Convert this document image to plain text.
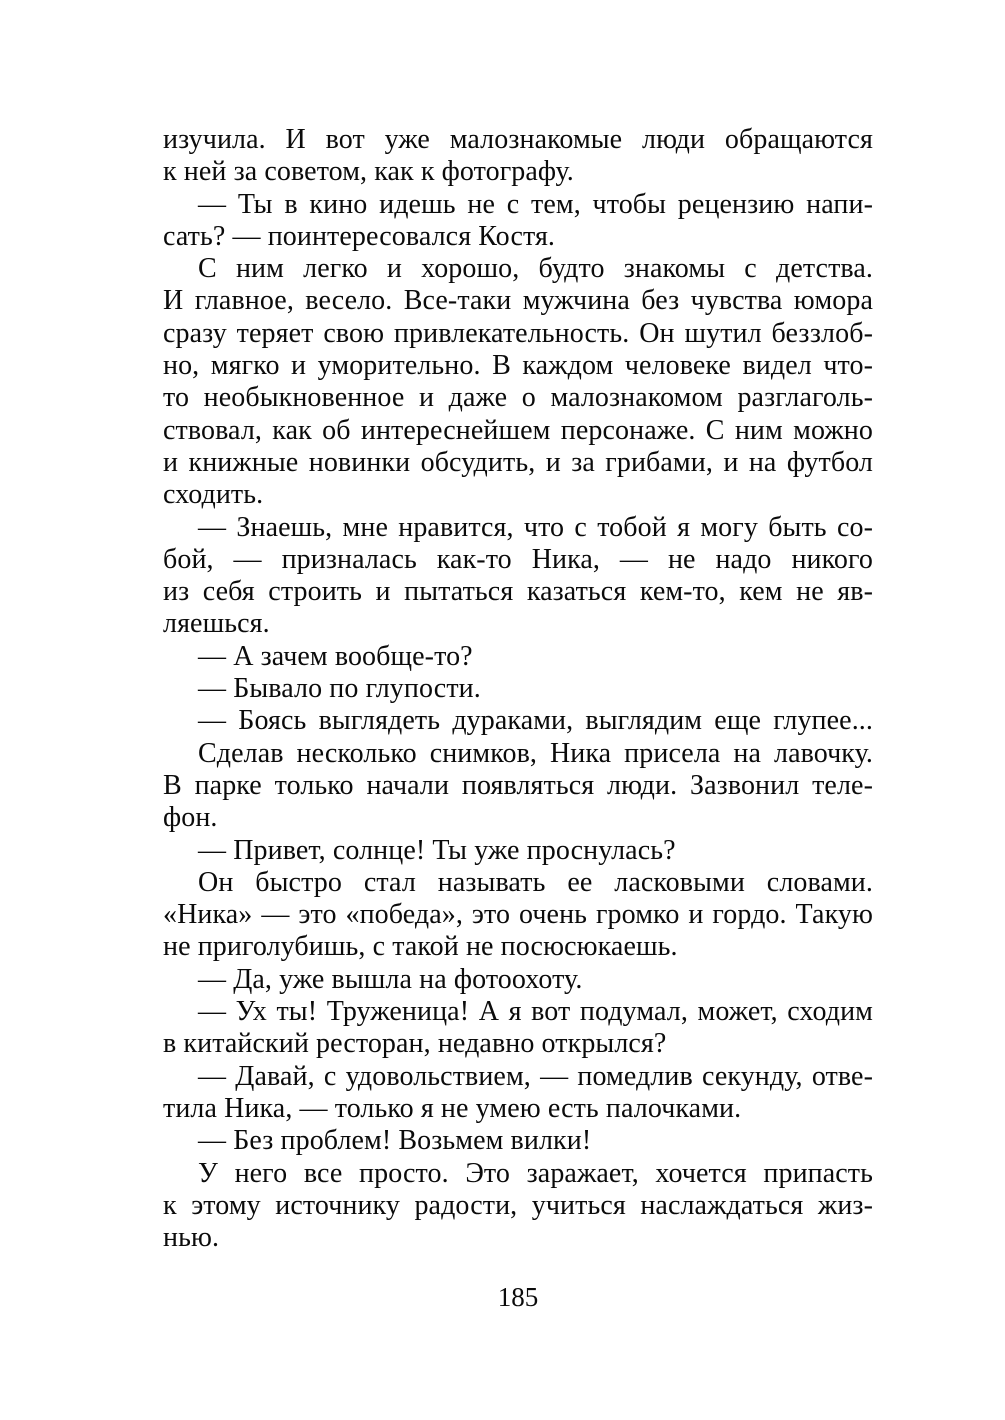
изучила. И вот уже малознакомые люди обращаются
к ней за советом, как к фотографу.

— Ты в кино идешь не с тем, чтобы рецензию напи-
сать? — поинтересовался Костя.

С ним легко и хорошо, будто знакомы с детства.
И главное, весело. Все-таки мужчина без чувства юмора
сразу теряет свою привлекательность. Он шутил беззлоб-
но, мягко и уморительно. В каждом человеке видел что-
то необыкновенное и даже о малознакомом разглаголь-
ствовал, как об интереснейшем персонаже. С ним можно
и книжные новинки обсудить, и за грибами, и на футбол
сходить.

— Знаешь, мне нравится, что с тобой я могу быть со-
бой, — призналась как-то Ника, — не надо никого
из себя строить и пытаться казаться кем-то, кем не яв-
ляешься.

— А зачем вообще-то?

— Бывало по глупости.

— Боясь выглядеть дураками, выглядим еще глупее...

Сделав несколько снимков, Ника присела на лавочку.
В парке только начали появляться люди. Зазвонил теле-
фон.

— Привет, солнце! Ты уже проснулась?

Он быстро стал называть ее ласковыми словами.
«Ника» — это «победа», это очень громко и гордо. Такую
не приголубишь, с такой не посюсюкаешь.

— Да, уже вышла на фотоохоту.

— Ух ты! Труженица! А я вот подумал, может, сходим
в китайский ресторан, недавно открылся?

— Давай, с удовольствием, — помедлив секунду, отве-
тила Ника, — только я не умею есть палочками.

— Без проблем! Возьмем вилки!

У него все просто. Это заражает, хочется припасть
к этому источнику радости, учиться наслаждаться жиз-
нью.

185
